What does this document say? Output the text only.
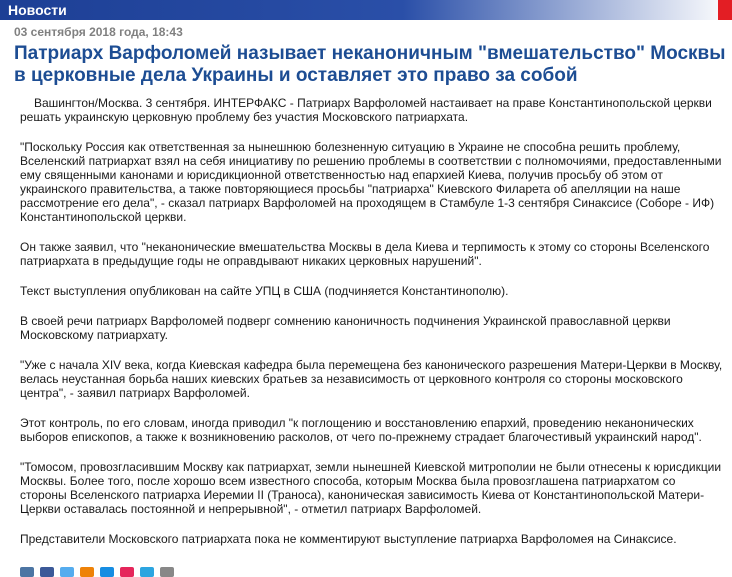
Новости
03 сентября 2018 года, 18:43
Патриарх Варфоломей называет неканоничным "вмешательство" Москвы в церковные дела Украины и оставляет это право за собой

Вашингтон/Москва. 3 сентября. ИНТЕРФАКС - Патриарх Варфоломей настаивает на праве Константинопольской церкви решать украинскую церковную проблему без участия Московского патриархата.

"Поскольку Россия как ответственная за нынешнюю болезненную ситуацию в Украине не способна решить проблему, Вселенский патриархат взял на себя инициативу по решению проблемы в соответствии с полномочиями, предоставленными ему священными канонами и юрисдикционной ответственностью над епархией Киева, получив просьбу об этом от украинского правительства, а также повторяющиеся просьбы "патриарха" Киевского Филарета об апелляции на наше рассмотрение его дела", - сказал патриарх Варфоломей на проходящем в Стамбуле 1-3 сентября Синаксисе (Соборе - ИФ) Константинопольской церкви.

Он также заявил, что "неканонические вмешательства Москвы в дела Киева и терпимость к этому со стороны Вселенского патриархата в предыдущие годы не оправдывают никаких церковных нарушений".

Текст выступления опубликован на сайте УПЦ в США (подчиняется Константинополю).

В своей речи патриарх Варфоломей подверг сомнению каноничность подчинения Украинской православной церкви Московскому патриархату.

"Уже с начала XIV века, когда Киевская кафедра была перемещена без канонического разрешения Матери-Церкви в Москву, велась неустанная борьба наших киевских братьев за независимость от церковного контроля со стороны московского центра", - заявил патриарх Варфоломей.

Этот контроль, по его словам, иногда приводил "к поглощению и восстановлению епархий, проведению неканонических выборов епископов, а также к возникновению расколов, от чего по-прежнему страдает благочестивый украинский народ".

"Томосом, провозгласившим Москву как патриархат, земли нынешней Киевской митрополии не были отнесены к юрисдикции Москвы. Более того, после хорошо всем известного способа, которым Москва была провозглашена патриархатом со стороны Вселенского патриарха Иеремии II (Траноса), каноническая зависимость Киева от Константинопольской Матери-Церкви оставалась постоянной и непрерывной", - отметил патриарх Варфоломей.

Представители Московского патриархата пока не комментируют выступление патриарха Варфоломея на Синаксисе.
